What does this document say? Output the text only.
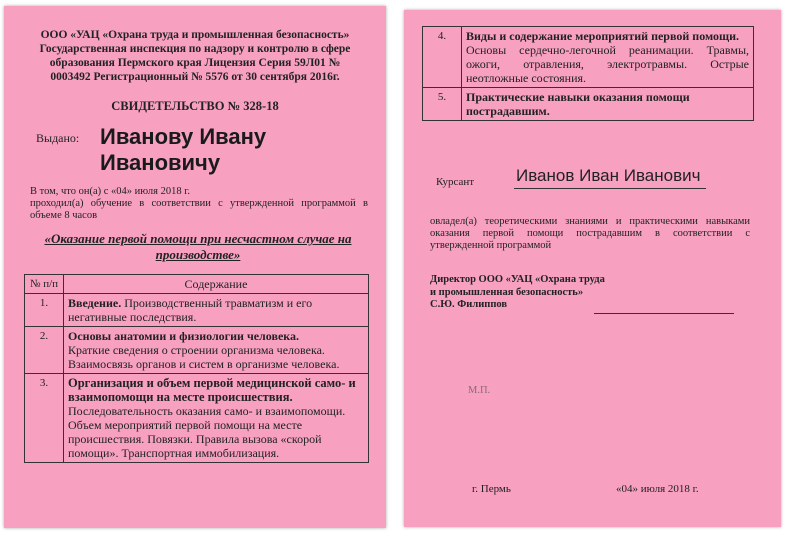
ООО «УАЦ «Охрана труда и промышленная безопасность»
Государственная инспекция по надзору и контролю в сфере
образования Пермского края Лицензия Серия 59Л01 №
0003492 Регистрационный № 5576 от 30 сентября 2016г.
СВИДЕТЕЛЬСТВО № 328-18
Выдано: Иванову Ивану
Ивановичу
В том, что он(а) с «04» июля 2018 г.
проходил(а) обучение в соответствии с утвержденной программой в объеме 8 часов
«Оказание первой помощи при несчастном случае на производстве»
№ п/п	Содержание
1.	Введение. Производственный травматизм и его негативные последствия.
2.	Основы анатомии и физиологии человека.
Краткие сведения о строении организма человека. Взаимосвязь органов и систем в организме человека.

3.	Организация и объем первой медицинской само- и взаимопомощи на месте происшествия. Последовательность оказания само- и взаимопомощи. Объем мероприятий первой помощи на месте происшествия. Повязки. Правила вызова «скорой помощи». Транспортная иммобилизация.
4.	Виды и содержание мероприятий первой помощи.
Основы сердечно-легочной реанимации. Травмы, ожоги, отравления, электротравмы. Острые неотложные состояния.

5.	Практические навыки оказания помощи пострадавшим.
Курсант Иванов Иван Иванович
овладел(а) теоретическими знаниями и практическими навыками оказания первой помощи пострадавшим в соответствии с утвержденной программой
Директор ООО «УАЦ «Охрана труда
и промышленная безопасность»
С.Ю. Филиппов
М.П.
г. Пермь	«04» июля 2018 г.
